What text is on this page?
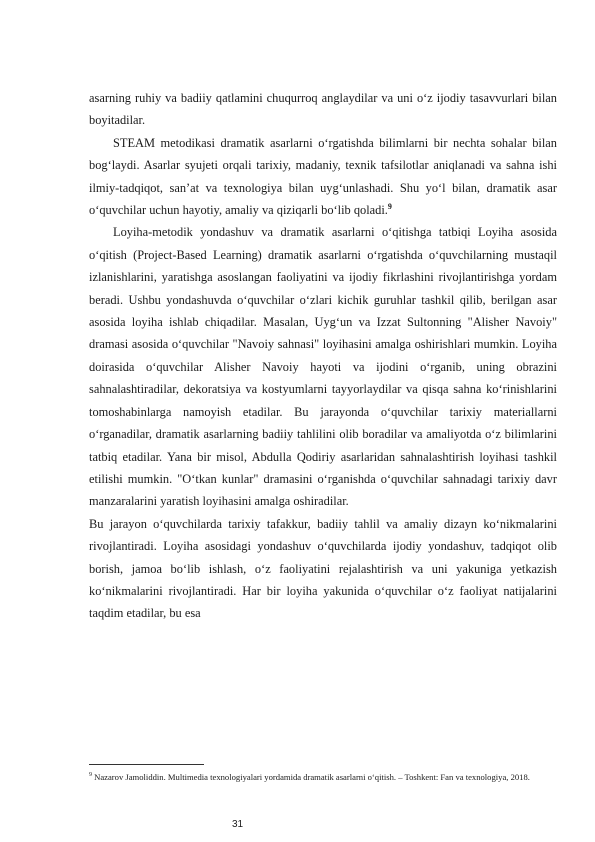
asarning ruhiy va badiiy qatlamini chuqurroq anglaydilar va uni o‘z ijodiy tasavvurlari bilan boyitadilar.

STEAM metodikasi dramatik asarlarni o‘rgatishda bilimlarni bir nechta sohalar bilan bog‘laydi. Asarlar syujeti orqali tarixiy, madaniy, texnik tafsilotlar aniqlanadi va sahna ishi ilmiy-tadqiqot, san’at va texnologiya bilan uyg‘unlashadi. Shu yo‘l bilan, dramatik asar o‘quvchilar uchun hayotiy, amaliy va qiziqarli bo‘lib qoladi.$^9$

Loyiha-metodik yondashuv va dramatik asarlarni o‘qitishga tatbiqi Loyiha asosida o‘qitish (Project-Based Learning) dramatik asarlarni o‘rgatishda o‘quvchilarning mustaqil izlanishlarini, yaratishga asoslangan faoliyatini va ijodiy fikrlashini rivojlantirishga yordam beradi. Ushbu yondashuvda o‘quvchilar o‘zlari kichik guruhlar tashkil qilib, berilgan asar asosida loyiha ishlab chiqadilar. Masalan, Uyg‘un va Izzat Sultonning "Alisher Navoiy" dramasi asosida o‘quvchilar "Navoiy sahnasi" loyihasini amalga oshirishlari mumkin. Loyiha doirasida o‘quvchilar Alisher Navoiy hayoti va ijodini o‘rganib, uning obrazini sahnalashtiradilar, dekoratsiya va kostyumlarni tayyorlaydilar va qisqa sahna ko‘rinishlarini tomoshabinlarga namoyish etadilar. Bu jarayonda o‘quvchilar tarixiy materiallarni o‘rganadilar, dramatik asarlarning badiiy tahlilini olib boradilar va amaliyotda o‘z bilimlarini tatbiq etadilar. Yana bir misol, Abdulla Qodiriy asarlaridan sahnalashtirish loyihasi tashkil etilishi mumkin. "O‘tkan kunlar" dramasini o‘rganishda o‘quvchilar sahnadagi tarixiy davr manzaralarini yaratish loyihasini amalga oshiradilar.

Bu jarayon o‘quvchilarda tarixiy tafakkur, badiiy tahlil va amaliy dizayn ko‘nikmalarini rivojlantiradi. Loyiha asosidagi yondashuv o‘quvchilarda ijodiy yondashuv, tadqiqot olib borish, jamoa bo‘lib ishlash, o‘z faoliyatini rejalashtirish va uni yakuniga yetkazish ko‘nikmalarini rivojlantiradi. Har bir loyiha yakunida o‘quvchilar o‘z faoliyat natijalarini taqdim etadilar, bu esa

$^9$ Nazarov Jamoliddin. Multimedia texnologiyalari yordamida dramatik asarlarni o‘qitish. – Toshkent: Fan va texnologiya, 2018.

31
